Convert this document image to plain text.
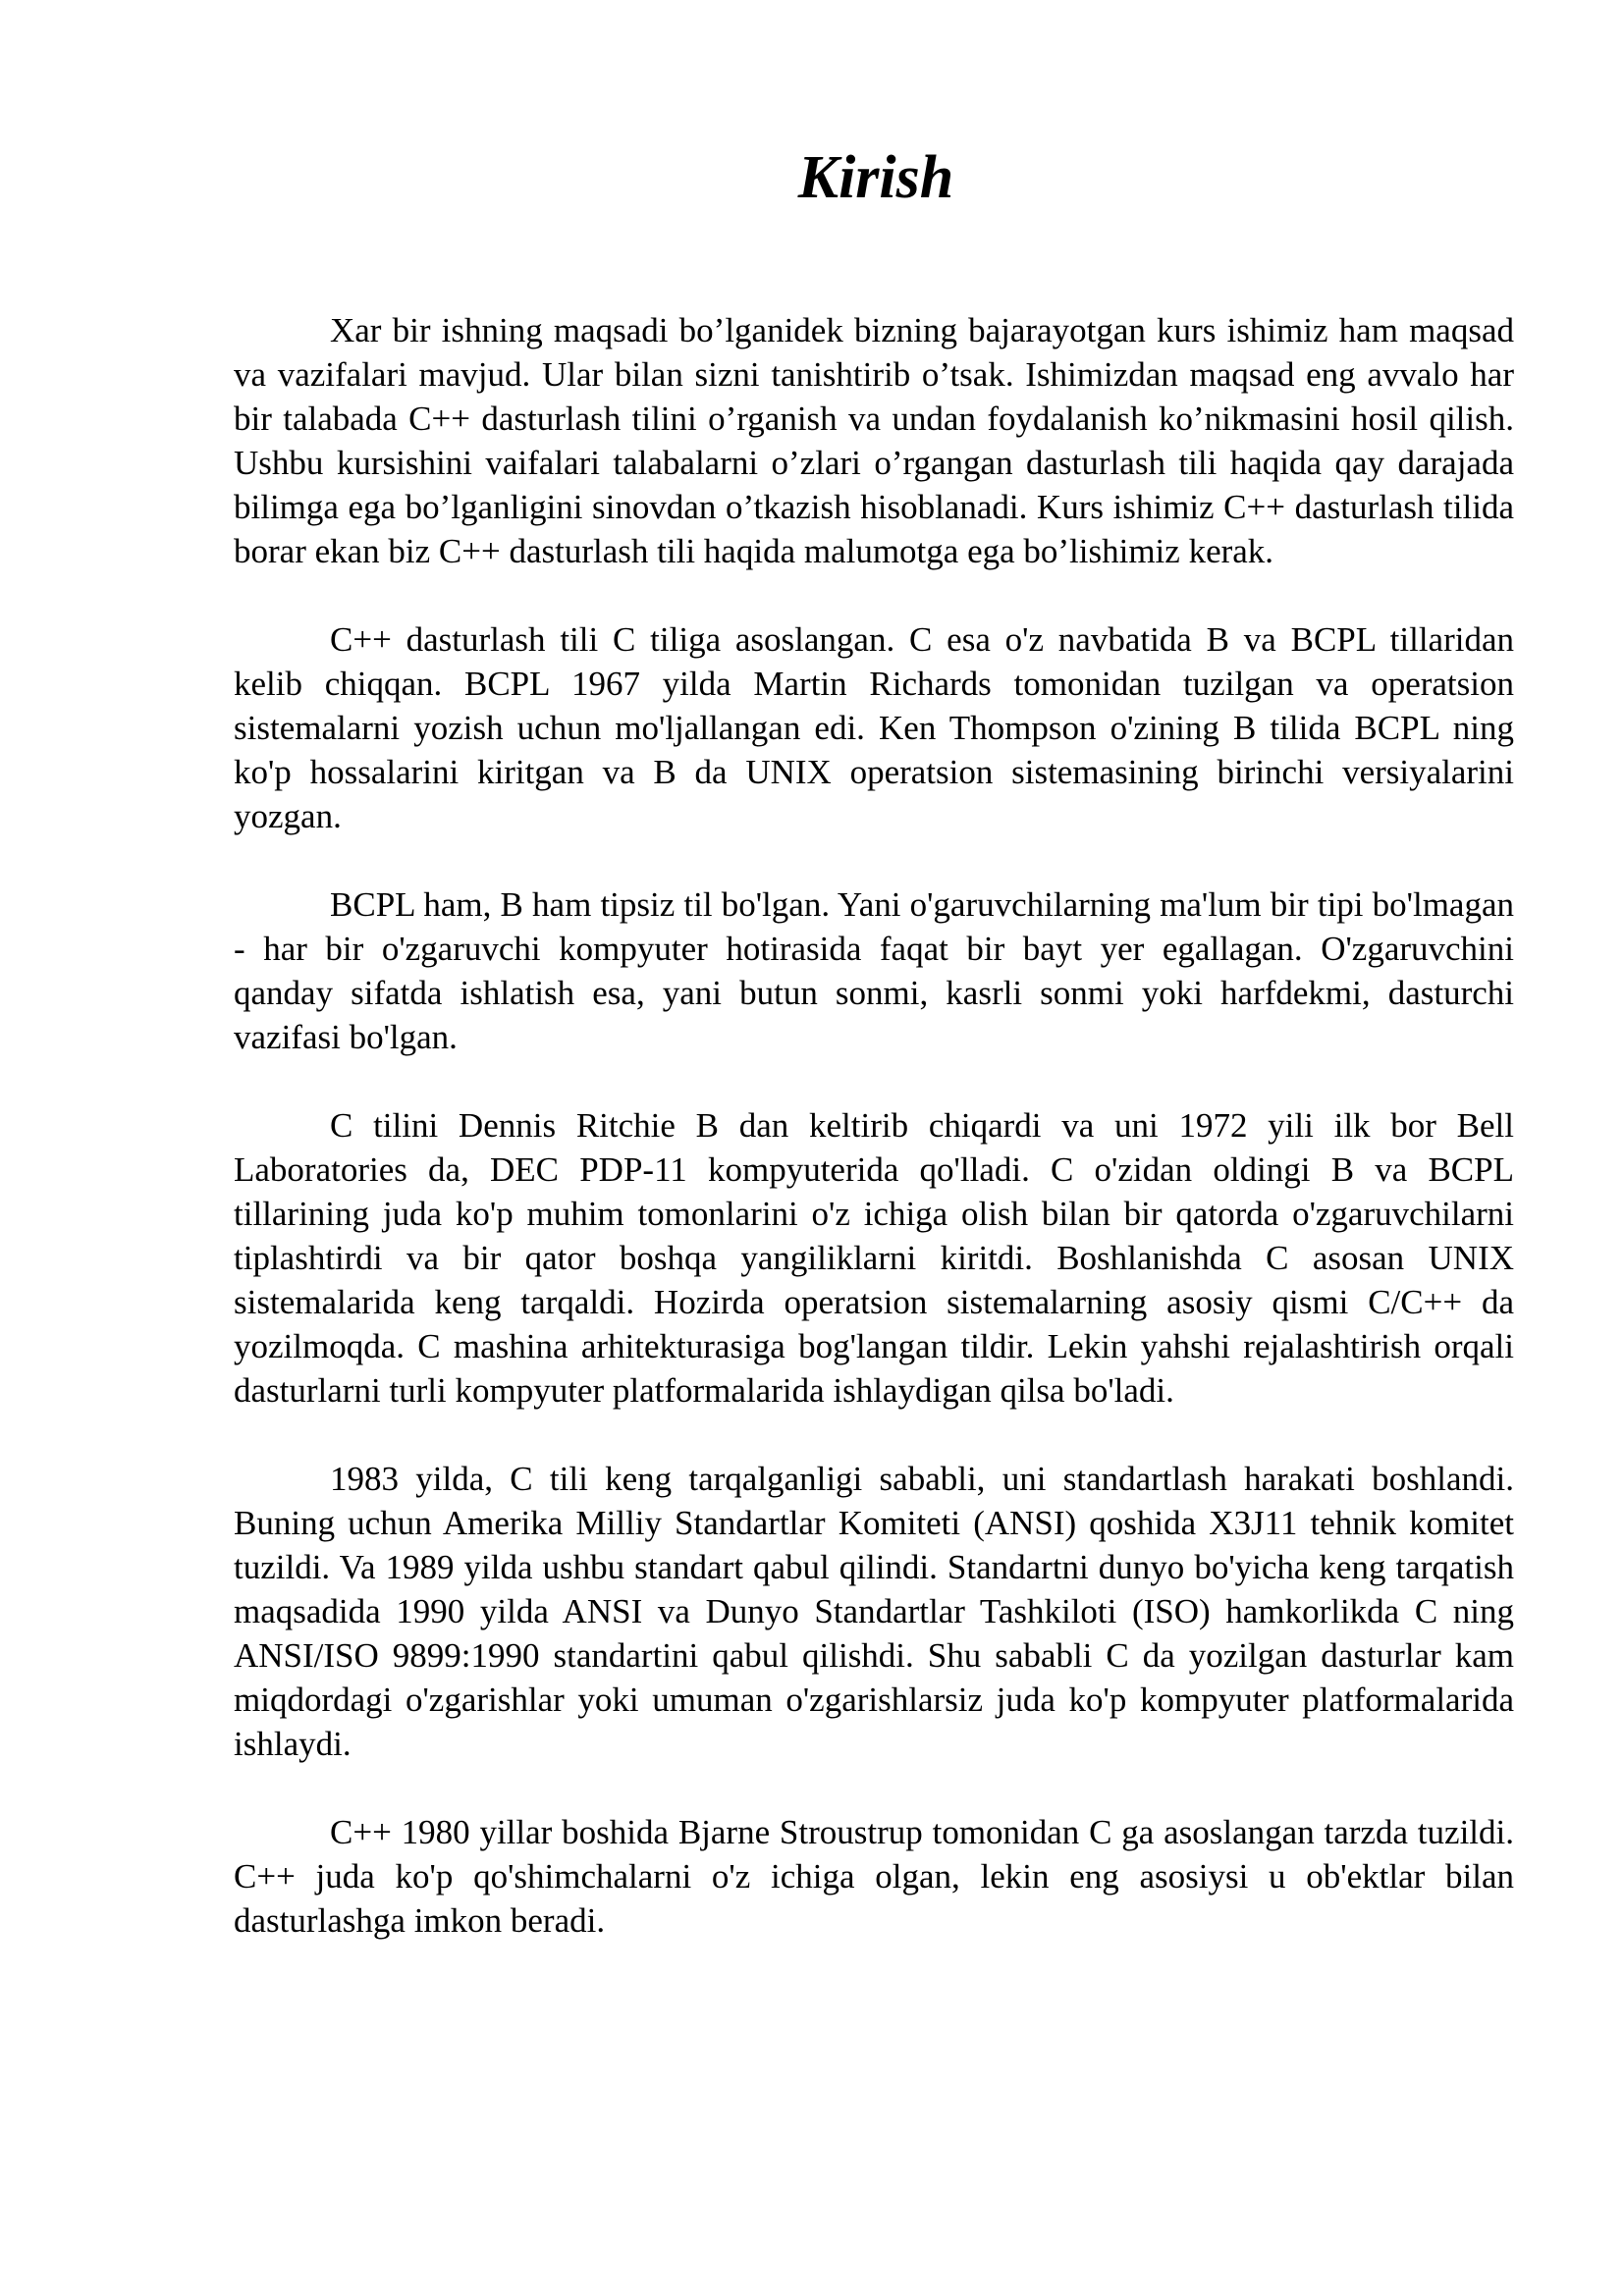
Kirish

Xar bir ishning maqsadi bo’lganidek bizning bajarayotgan kurs ishimiz ham maqsad va vazifalari mavjud. Ular bilan sizni tanishtirib o’tsak. Ishimizdan maqsad eng avvalo har bir talabada C++ dasturlash tilini o’rganish va undan foydalanish ko’nikmasini hosil qilish. Ushbu kursishini vaifalari talabalarni o’zlari o’rgangan dasturlash tili haqida qay darajada bilimga ega bo’lganligini sinovdan o’tkazish hisoblanadi. Kurs ishimiz C++ dasturlash tilida borar ekan biz C++ dasturlash tili haqida malumotga ega bo’lishimiz kerak.

C++ dasturlash tili C tiliga asoslangan. C esa o'z navbatida B va BCPL tillaridan kelib chiqqan. BCPL 1967 yilda Martin Richards tomonidan tuzilgan va operatsion sistemalarni yozish uchun mo'ljallangan edi. Ken Thompson o'zining B tilida BCPL ning ko'p hossalarini kiritgan va B da UNIX operatsion sistemasining birinchi versiyalarini yozgan.

BCPL ham, B ham tipsiz til bo'lgan. Yani o'garuvchilarning ma'lum bir tipi bo'lmagan - har bir o'zgaruvchi kompyuter hotirasida faqat bir bayt yer egallagan. O'zgaruvchini qanday sifatda ishlatish esa, yani butun sonmi, kasrli sonmi yoki harfdekmi, dasturchi vazifasi bo'lgan.

C tilini Dennis Ritchie B dan keltirib chiqardi va uni 1972 yili ilk bor Bell Laboratories da, DEC PDP-11 kompyuterida qo'lladi. C o'zidan oldingi B va BCPL tillarining juda ko'p muhim tomonlarini o'z ichiga olish bilan bir qatorda o'zgaruvchilarni tiplashtirdi va bir qator boshqa yangiliklarni kiritdi. Boshlanishda C asosan UNIX sistemalarida keng tarqaldi. Hozirda operatsion sistemalarning asosiy qismi C/C++ da yozilmoqda. C mashina arhitekturasiga bog'langan tildir. Lekin yahshi rejalashtirish orqali dasturlarni turli kompyuter platformalarida ishlaydigan qilsa bo'ladi.

1983 yilda, C tili keng tarqalganligi sababli, uni standartlash harakati boshlandi. Buning uchun Amerika Milliy Standartlar Komiteti (ANSI) qoshida X3J11 tehnik komitet tuzildi. Va 1989 yilda ushbu standart qabul qilindi. Standartni dunyo bo'yicha keng tarqatish maqsadida 1990 yilda ANSI va Dunyo Standartlar Tashkiloti (ISO) hamkorlikda C ning ANSI/ISO 9899:1990 standartini qabul qilishdi. Shu sababli C da yozilgan dasturlar kam miqdordagi o'zgarishlar yoki umuman o'zgarishlarsiz juda ko'p kompyuter platformalarida ishlaydi.

C++ 1980 yillar boshida Bjarne Stroustrup tomonidan C ga asoslangan tarzda tuzildi. C++ juda ko'p qo'shimchalarni o'z ichiga olgan, lekin eng asosiysi u ob'ektlar bilan dasturlashga imkon beradi.
